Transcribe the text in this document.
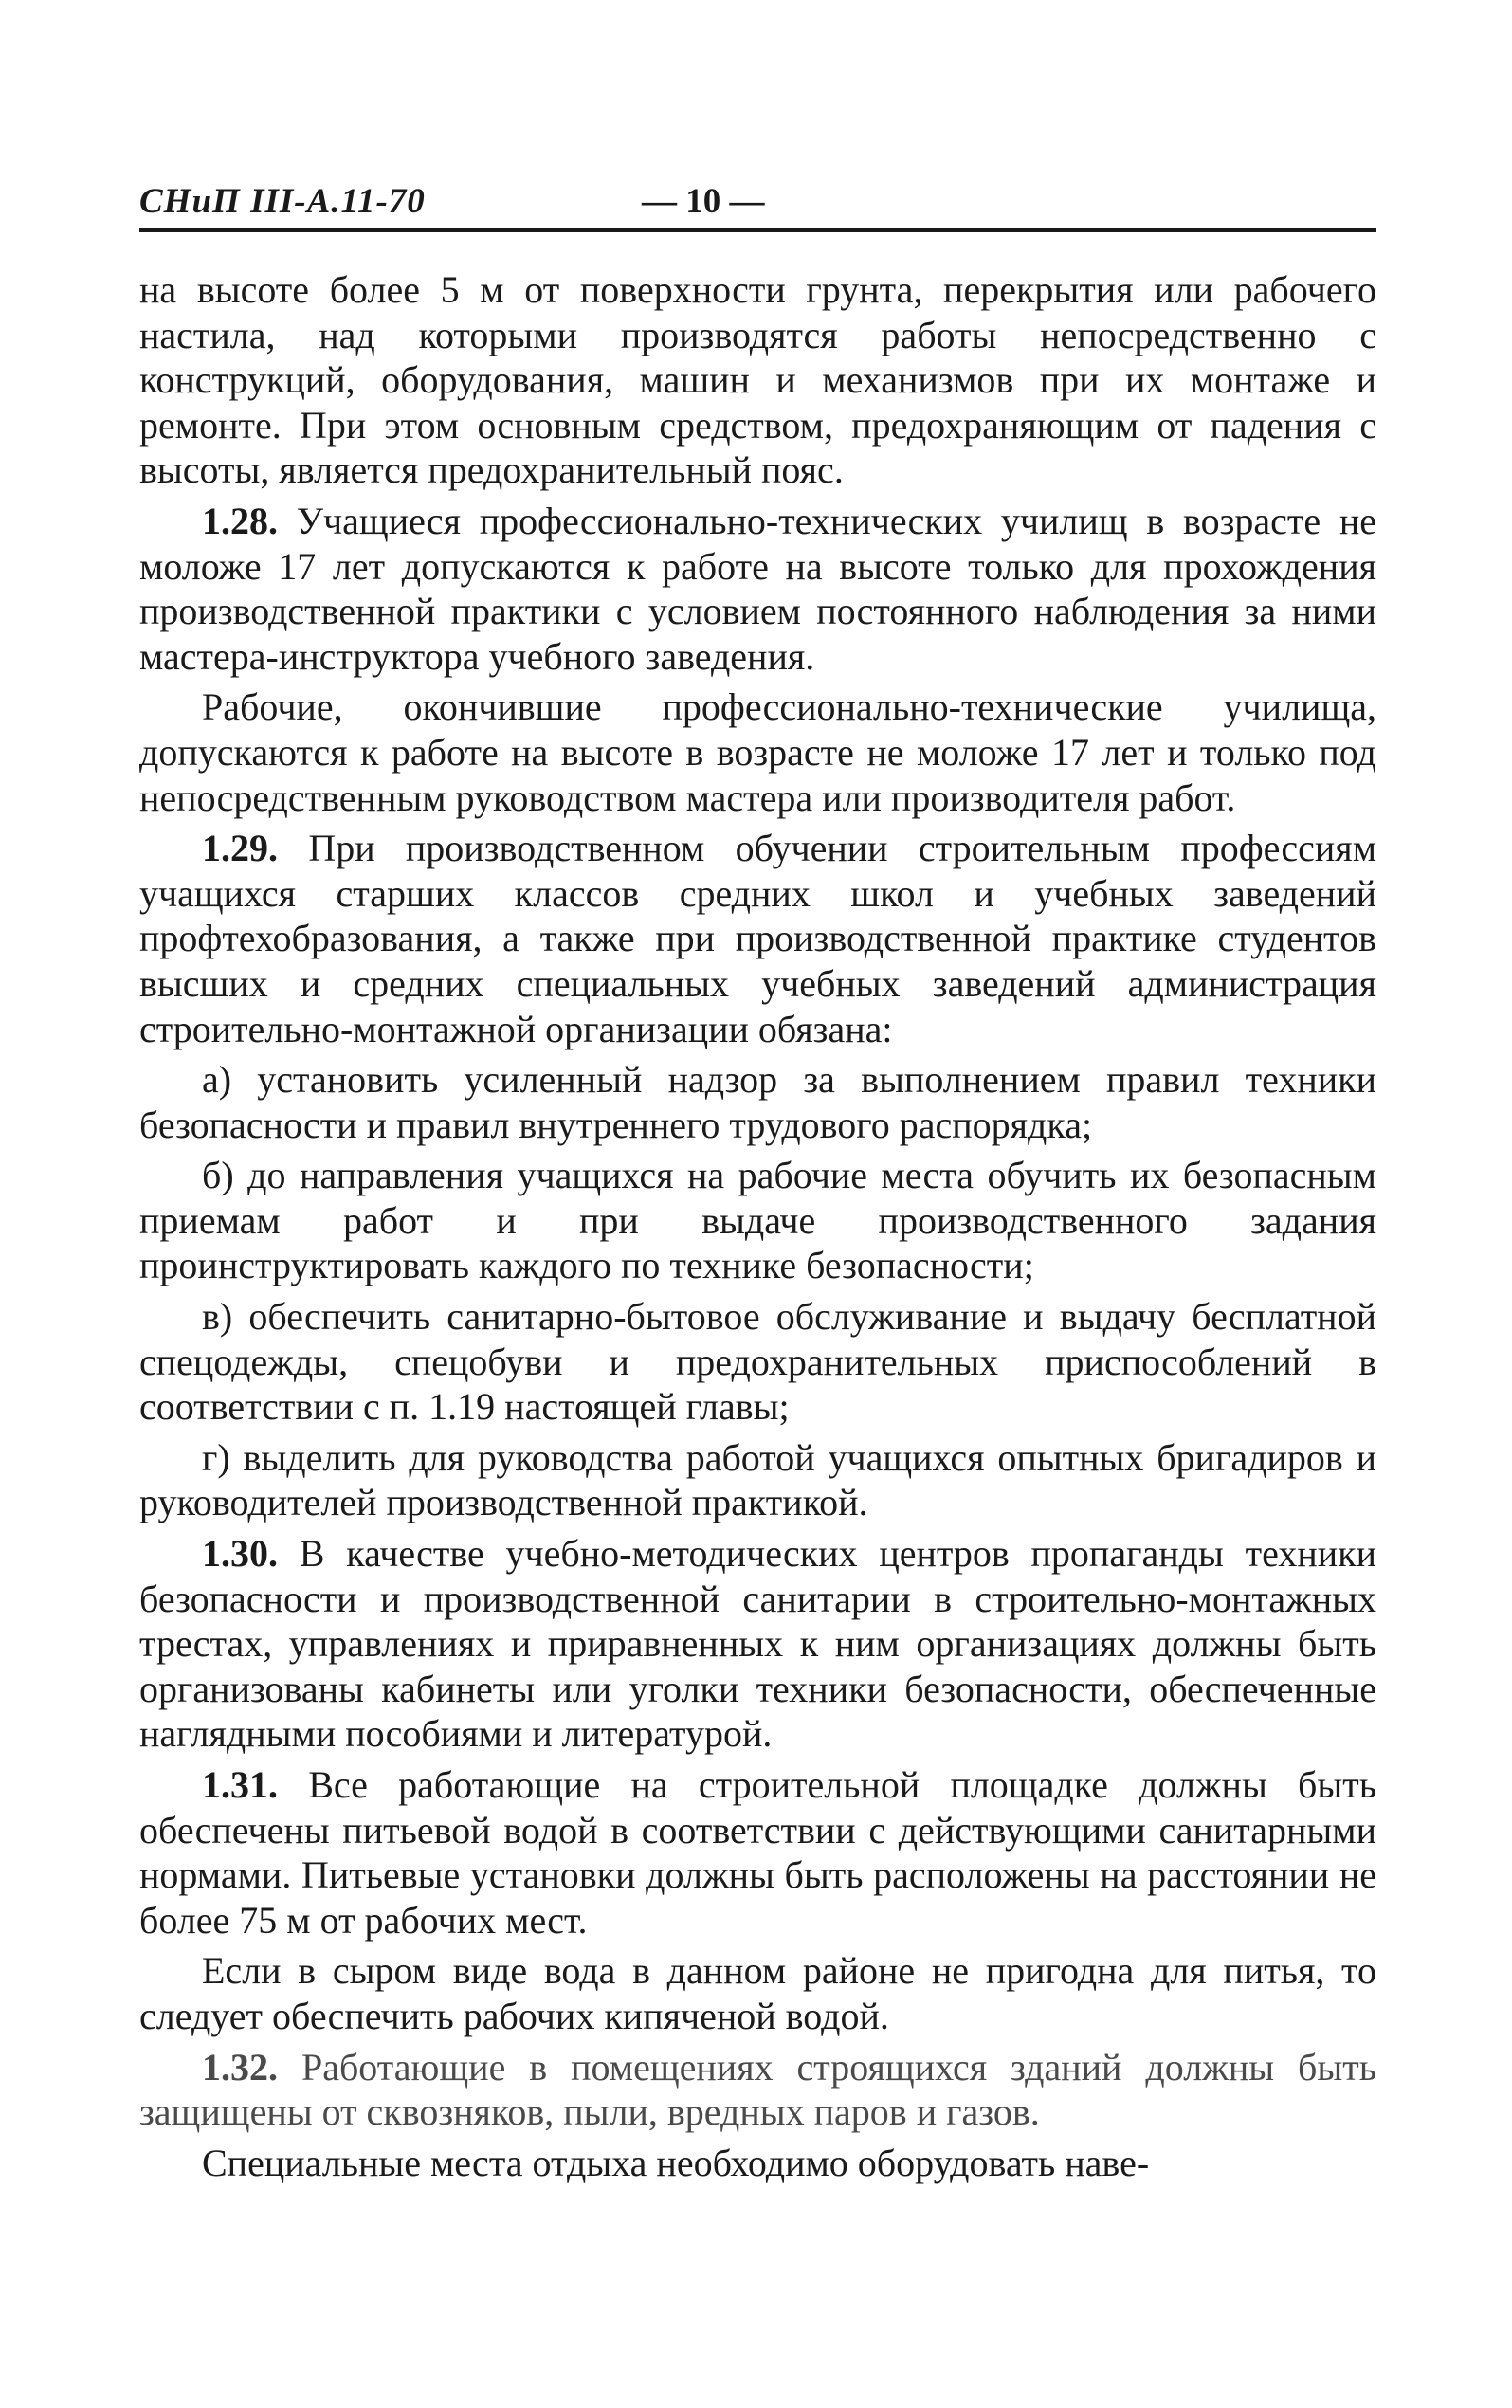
СНиП III-А.11-70	— 10 —

на высоте более 5 м от поверхности грунта, перекрытия или рабочего настила, над которыми производятся работы непосредственно с конструкций, оборудования, машин и механизмов при их монтаже и ремонте. При этом основным средством, предохраняющим от падения с высоты, является предохранительный пояс.

1.28. Учащиеся профессионально-технических училищ в возрасте не моложе 17 лет допускаются к работе на высоте только для прохождения производственной практики с условием постоянного наблюдения за ними мастера-инструктора учебного заведения.

Рабочие, окончившие профессионально-технические училища, допускаются к работе на высоте в возрасте не моложе 17 лет и только под непосредственным руководством мастера или производителя работ.

1.29. При производственном обучении строительным профессиям учащихся старших классов средних школ и учебных заведений профтехобразования, а также при производственной практике студентов высших и средних специальных учебных заведений администрация строительно-монтажной организации обязана:

а) установить усиленный надзор за выполнением правил техники безопасности и правил внутреннего трудового распорядка;

б) до направления учащихся на рабочие места обучить их безопасным приемам работ и при выдаче производственного задания проинструктировать каждого по технике безопасности;

в) обеспечить санитарно-бытовое обслуживание и выдачу бесплатной спецодежды, спецобуви и предохранительных приспособлений в соответствии с п. 1.19 настоящей главы;

г) выделить для руководства работой учащихся опытных бригадиров и руководителей производственной практикой.

1.30. В качестве учебно-методических центров пропаганды техники безопасности и производственной санитарии в строительно-монтажных трестах, управлениях и приравненных к ним организациях должны быть организованы кабинеты или уголки техники безопасности, обеспеченные наглядными пособиями и литературой.

1.31. Все работающие на строительной площадке должны быть обеспечены питьевой водой в соответствии с действующими санитарными нормами. Питьевые установки должны быть расположены на расстоянии не более 75 м от рабочих мест.

Если в сыром виде вода в данном районе не пригодна для питья, то следует обеспечить рабочих кипяченой водой.

1.32. Работающие в помещениях строящихся зданий должны быть защищены от сквозняков, пыли, вредных паров и газов.

Специальные места отдыха необходимо оборудовать наве-
